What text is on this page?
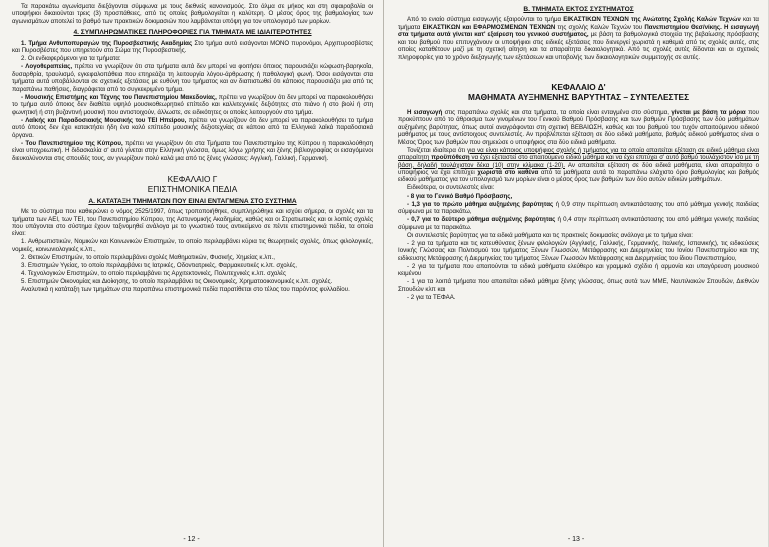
Τα παρακάτω αγωνίσματα διεξάγονται σύμφωνα με τους διεθνείς κανονισμούς. Στο άλμα σε μήκος και στη σφαιροβολία οι υποψήφιοι δικαιούνται τρεις (3) προσπάθειες, από τις οποίες βαθμολογείται η καλύτερη. Ο μέσος όρος της βαθμολογίας των αγωνισμάτων αποτελεί το βαθμό των πρακτικών δοκιμασιών που λαμβάνεται υπόψη για τον υπολογισμό των μορίων.

4. ΣΥΜΠΛΗΡΩΜΑΤΙΚΕΣ ΠΛΗΡΟΦΟΡΙΕΣ ΓΙΑ ΤΜΗΜΑΤΑ ΜΕ ΙΔΙΑΙΤΕΡΟΤΗΤΕΣ

1. Τμήμα Ανθυποπυραγών της Πυροσβεστικής Ακαδημίας Στο τμήμα αυτό εισάγονται ΜΟΝΟ πυρονόμοι, Αρχιπυροσβέστες και Πυροσβέστες που υπηρετούν στο Σώμα της Πυροσβεστικής.

2. Οι ενδιαφερόμενοι για τα τμήματα:

- Λογοθεραπείας, πρέπει να γνωρίζουν ότι στα τμήματα αυτά δεν μπορεί να φοιτήσει όποιος παρουσιάζει κώφωση-βαρηκοΐα, δυσαρθρία, τραυλισμό, εγκεφαλοπάθεια που επηρεάζει τη λειτουργία λόγου-άρθρωσης ή παθολογική φωνή. Όσοι εισάγονται στα τμήματα αυτά υποβάλλονται σε σχετικές εξετάσεις με ευθύνη του τμήματος και αν διαπιστωθεί ότι κάποιος παρουσιάζει μια από τις παραπάνω παθήσεις, διαγράφεται από το συγκεκριμένο τμήμα.

- Μουσικής Επιστήμης και Τέχνης του Πανεπιστημίου Μακεδονίας, πρέπει να γνωρίζουν ότι δεν μπορεί να παρακολουθήσει το τμήμα αυτό όποιος δεν διαθέτει υψηλό μουσικοθεωρητικό επίπεδο και καλλιτεχνικές δεξιότητες στο πιάνο ή στο βιολί ή στη φωνητική ή στη βυζαντινή μουσική που αντιστοιχούν, άλλωστε, σε ειδικότητες οι οποίες λειτουργούν στο τμήμα.

- Λαϊκής και Παραδοσιακής Μουσικής του ΤΕΙ Ηπείρου, πρέπει να γνωρίζουν ότι δεν μπορεί να παρακολουθήσει το τμήμα αυτό όποιος δεν έχει κατακτήσει ήδη ένα καλό επίπεδο μουσικής δεξιοτεχνίας σε κάποιο από τα Ελληνικά λαϊκά παραδοσιακά όργανα.

- Του Πανεπιστημίου της Κύπρου, πρέπει να γνωρίζουν ότι στα Τμήματα του Πανεπιστημίου της Κύπρου η παρακολούθηση είναι υποχρεωτική. Η διδασκαλία σ' αυτό γίνεται στην Ελληνική γλώσσα, όμως λόγω χρήσης και ξένης βιβλιογραφίας οι εισαγόμενοι διευκολύνονται στις σπουδές τους, αν γνωρίζουν πολύ καλά μια από τις ξένες γλώσσες: Αγγλική, Γαλλική, Γερμανική.

ΚΕΦΑΛΑΙΟ Γ
ΕΠΙΣΤΗΜΟΝΙΚΑ ΠΕΔΙΑ
Α. ΚΑΤΑΤΑΞΗ ΤΜΗΜΑΤΩΝ ΠΟΥ ΕΙΝΑΙ ΕΝΤΑΓΜΕΝΑ ΣΤΟ ΣΥΣΤΗΜΑ

Με το σύστημα που καθιερώνει ο νόμος 2525/1997, όπως τροποποιήθηκε, συμπληρώθηκε και ισχύει σήμερα, οι σχολές και τα τμήματα των ΑΕΙ, των ΤΕΙ, του Πανεπιστημίου Κύπρου, της Αστυνομικής Ακαδημίας, καθώς και οι Στρατιωτικές και οι λοιπές σχολές που υπάγονται στο σύστημα έχουν ταξινομηθεί ανάλογα με το γνωστικό τους αντικείμενο σε πέντε επιστημονικά πεδία, τα οποία είναι:

1. Ανθρωπιστικών, Νομικών και Κοινωνικών Επιστημών, το οποίο περιλαμβάνει κύρια τις θεωρητικές σχολές, όπως φιλολογικές, νομικές, κοινωνιολογικές κ.λπ.,

2. Θετικών Επιστημών, το οποίο περιλαμβάνει σχολές Μαθηματικών, Φυσικής, Χημείας κ.λπ.,

3. Επιστημών Υγείας, το οποίο περιλαμβάνει τις Ιατρικές, Οδοντιατρικές, Φαρμακευτικές κ.λπ. σχολές,

4. Τεχνολογικών Επιστημών, το οποίο περιλαμβάνει τις Αρχιτεκτονικές, Πολυτεχνικές κ.λπ. σχολές

5. Επιστημών Οικονομίας και Διοίκησης, το οποίο περιλαμβάνει τις Οικονομικές, Χρηματοοικονομικές κ.λπ. σχολές.

Αναλυτικά η κατάταξη των τμημάτων στα παραπάνω επιστημονικά πεδία παρατίθεται στο τέλος του παρόντος φυλλαδίου.

- 12 -
Β. ΤΜΗΜΑΤΑ ΕΚΤΟΣ ΣΥΣΤΗΜΑΤΟΣ

Από το ενιαίο σύστημα εισαγωγής εξαιρούνται το τμήμα ΕΙΚΑΣΤΙΚΩΝ ΤΕΧΝΩΝ της Ανώτατης Σχολής Καλών Τεχνών και τα τμήματα ΕΙΚΑΣΤΙΚΩΝ και ΕΦΑΡΜΟΣΜΕΝΩΝ ΤΕΧΝΩΝ της σχολής Καλών Τεχνών του Πανεπιστημίου Θεσ/νίκης. Η εισαγωγή στα τμήματα αυτά γίνεται κατ' εξαίρεση του γενικού συστήματος, με βάση τα βαθμολογικά στοιχεία της βεβαίωσης πρόσβασης και του βαθμού που επιτυγχάνουν οι υποψήφιοι στις ειδικές εξετάσεις που διενεργεί χωριστά η καθεμιά από τις σχολές αυτές, στις οποίες καταθέτουν μαζί με τη σχετική αίτηση και τα απαραίτητα δικαιολογητικά. Από τις σχολές αυτές δίδονται και οι σχετικές πληροφορίες για το χρόνο διεξαγωγής των εξετάσεων και υποβολής των δικαιολογητικών συμμετοχής σε αυτές.

ΚΕΦΑΛΑΙΟ Δ'
ΜΑΘΗΜΑΤΑ ΑΥΞΗΜΕΝΗΣ ΒΑΡΥΤΗΤΑΣ – ΣΥΝΤΕΛΕΣΤΕΣ

Η εισαγωγή στις παραπάνω σχολές και στα τμήματα, τα οποία είναι ενταγμένα στο σύστημα, γίνεται με βάση τα μόρια που προκύπτουν από το άθροισμα των γινομένων του Γενικού Βαθμού Πρόσβασης και των βαθμών Πρόσβασης των δύο μαθημάτων αυξημένης βαρύτητας, όπως αυτοί αναγράφονται στη σχετική ΒΕΒΑΙΩΣΗ, καθώς και του βαθμού του τυχόν απαιτούμενου ειδικού μαθήματος με τους αντίστοιχους συντελεστές. Αν προβλέπεται εξέταση σε δύο ειδικά μαθήματα, βαθμός ειδικού μαθήματος είναι ο Μέσος Όρος των βαθμών που σημειώσε ο υποψήφιος στα δύο ειδικά μαθήματα.

Τονίζεται ιδιαίτερα ότι για να είναι κάποιος υποψήφιος σχολής ή τμήματος για τα οποία απαιτείται εξέταση σε ειδικό μάθημα είναι απαραίτητη προϋπόθεση να έχει εξεταστεί στο απαιτούμενο ειδικό μάθημα και να έχει επιτύχει σ' αυτό βαθμό τουλάχιστον ίσο με τη βάση, δηλαδή τουλάχιστον δέκα (10) στην κλίμακα (1-20). Αν απαιτείται εξέταση σε δύο ειδικά μαθήματα, είναι απαραίτητο ο υποψήφιος να έχει επιτύχει χωριστά στο καθένα από τα μαθήματα αυτά το παραπάνω ελάχιστο όριο βαθμολογίας και βαθμός ειδικού μαθήματος για τον υπολογισμό των μορίων είναι ο μέσος όρος των βαθμών των δύο αυτών ειδικών μαθημάτων.

Ειδικότερα, οι συντελεστές είναι:

- 8 για το Γενικό Βαθμό Πρόσβασης,

- 1,3 για το πρώτο μάθημα αυξημένης βαρύτητας ή 0,9 στην περίπτωση αντικατάστασης του από μάθημα γενικής παιδείας σύμφωνα με τα παρακάτω,

- 0,7 για το δεύτερο μάθημα αυξημένης βαρύτητας ή 0,4 στην περίπτωση αντικατάστασης του από μάθημα γενικής παιδείας σύμφωνα με τα παρακάτω.

Οι συντελεστές βαρύτητας για τα ειδικά μαθήματα και τις πρακτικές δοκιμασίες ανάλογα με το τμήμα είναι:

- 2 για τα τμήματα και τις κατευθύνσεις ξένων φιλολογιών (Αγγλικής, Γαλλικής, Γερμανικής, Ιταλικής, Ισπανικής), τις ειδικεύσεις Ιονικής Γλώσσας και Πολιτισμού του τμήματος Ξένων Γλωσσών, Μετάφρασης και Διερμηνείας του Ιονίου Πανεπιστημίου και της ειδίκευσης Μετάφρασης ή Διερμηνείας του τμήματος Ξένων Γλωσσών Μετάφρασης και Διερμηνείας του ίδιου Πανεπιστημίου,

- 2 για τα τμήματα που απαιτούνται τα ειδικά μαθήματα ελεύθερο και γραμμικό σχέδιο ή αρμονία και υπαγόρευση μουσικού κειμένου

- 1 για τα λοιπά τμήματα που απαιτείται ειδικό μάθημα ξένης γλώσσας, όπως αυτά των ΜΜΕ, Ναυτιλιακών Σπουδών, Διεθνών Σπουδών κλπ και

- 2 για τα ΤΕΦΑΑ.

- 13 -
